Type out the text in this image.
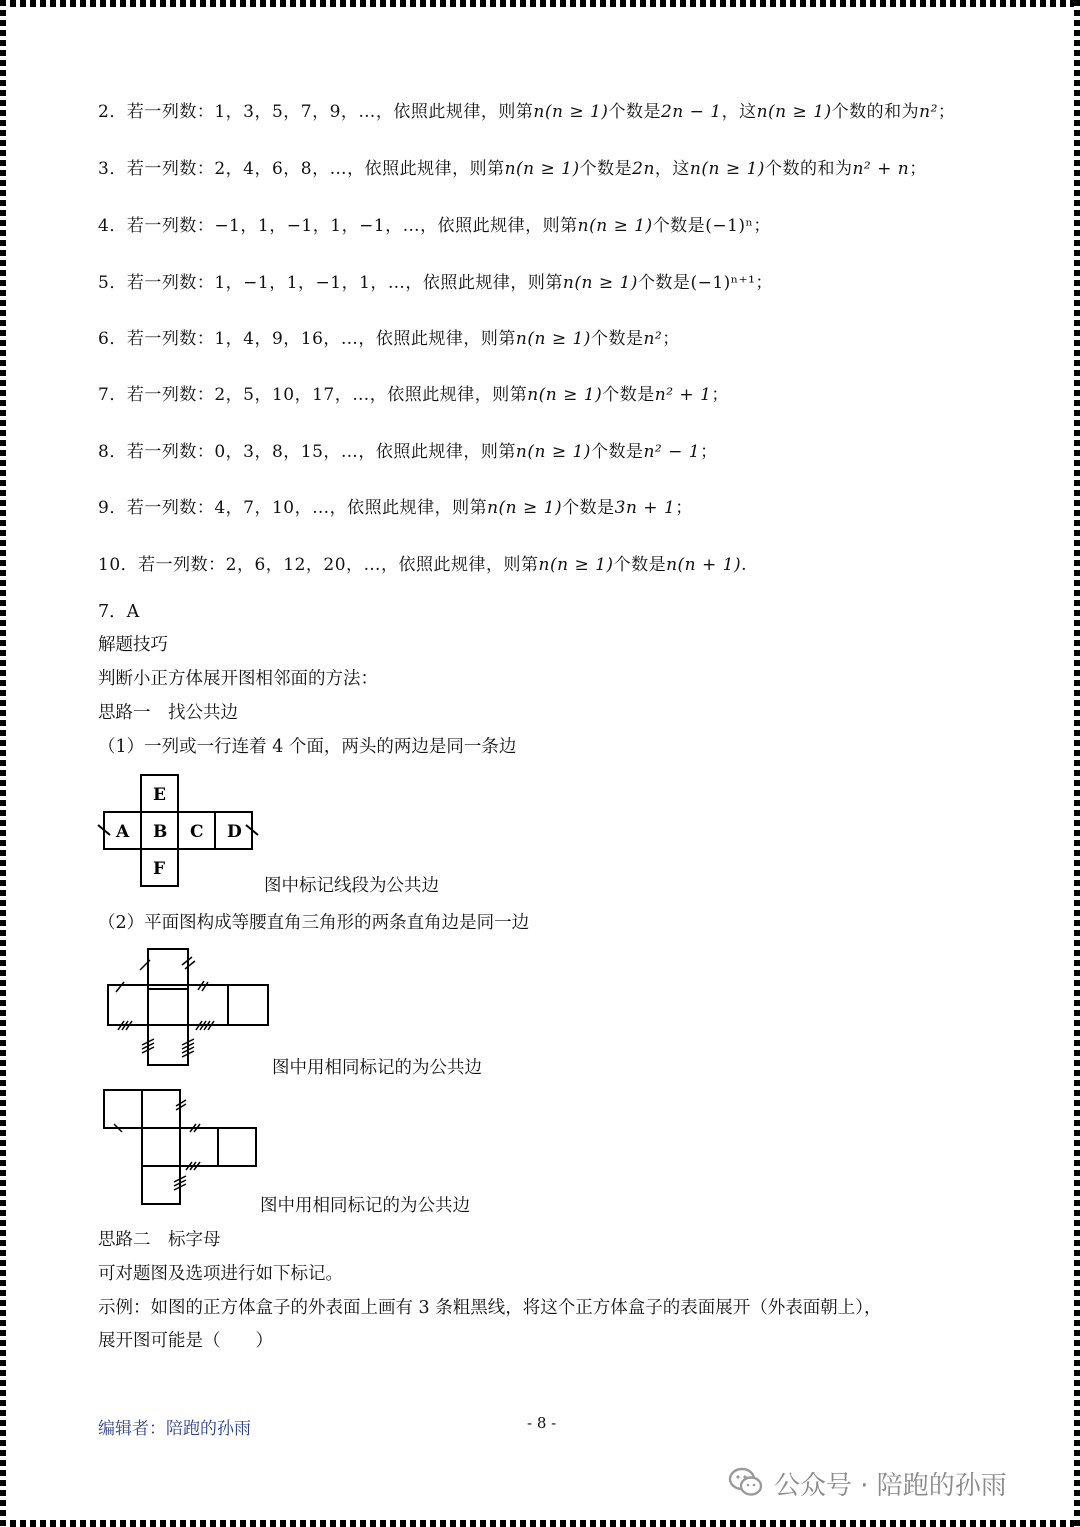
2．若一列数：1，3，5，7，9，…，依照此规律，则第n(n ≥ 1)个数是2n − 1，这n(n ≥ 1)个数的和为n²；
3．若一列数：2，4，6，8，…，依照此规律，则第n(n ≥ 1)个数是2n，这n(n ≥ 1)个数的和为n² + n；
4．若一列数：−1，1，−1，1，−1，…，依照此规律，则第n(n ≥ 1)个数是(−1)ⁿ；
5．若一列数：1，−1，1，−1，1，…，依照此规律，则第n(n ≥ 1)个数是(−1)ⁿ⁺¹；
6．若一列数：1，4，9，16，…，依照此规律，则第n(n ≥ 1)个数是n²；
7．若一列数：2，5，10，17，…，依照此规律，则第n(n ≥ 1)个数是n² + 1；
8．若一列数：0，3，8，15，…，依照此规律，则第n(n ≥ 1)个数是n² − 1；
9．若一列数：4，7，10，…，依照此规律，则第n(n ≥ 1)个数是3n + 1；
10．若一列数：2，6，12，20，…，依照此规律，则第n(n ≥ 1)个数是n(n + 1).
7．A
解题技巧
判断小正方体展开图相邻面的方法：
思路一　找公共边
（1）一列或一行连着 4 个面，两头的两边是同一条边
E
A B C D
F
图中标记线段为公共边
（2）平面图构成等腰直角三角形的两条直角边是同一边
图中用相同标记的为公共边
图中用相同标记的为公共边
思路二　标字母
可对题图及选项进行如下标记。
示例：如图的正方体盒子的外表面上画有 3 条粗黑线，将这个正方体盒子的表面展开（外表面朝上），
展开图可能是（　　）
编辑者：陪跑的孙雨	- 8 -
公众号 · 陪跑的孙雨
